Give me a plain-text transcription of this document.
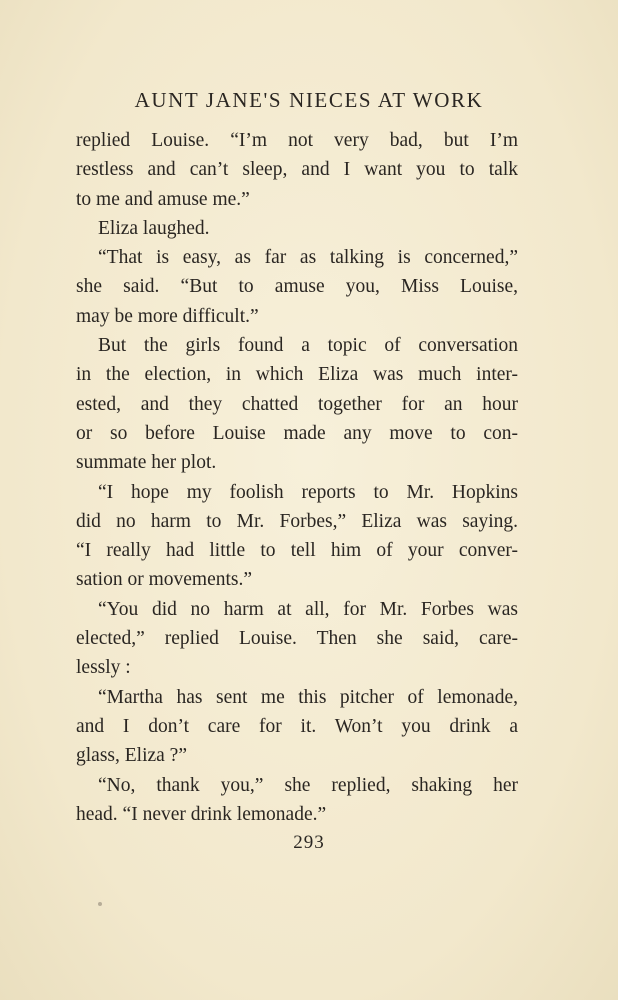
AUNT JANE'S NIECES AT WORK
replied Louise. “I’m not very bad, but I’m
restless and can’t sleep, and I want you to talk
to me and amuse me.”
Eliza laughed.
“That is easy, as far as talking is concerned,”
she said. “But to amuse you, Miss Louise,
may be more difficult.”
But the girls found a topic of conversation
in the election, in which Eliza was much inter-
ested, and they chatted together for an hour
or so before Louise made any move to con-
summate her plot.
“I hope my foolish reports to Mr. Hopkins
did no harm to Mr. Forbes,” Eliza was saying.
“I really had little to tell him of your conver-
sation or movements.”
“You did no harm at all, for Mr. Forbes was
elected,” replied Louise. Then she said, care-
lessly :
“Martha has sent me this pitcher of lemonade,
and I don’t care for it. Won’t you drink a
glass, Eliza ?”
“No, thank you,” she replied, shaking her
head. “I never drink lemonade.”
293
